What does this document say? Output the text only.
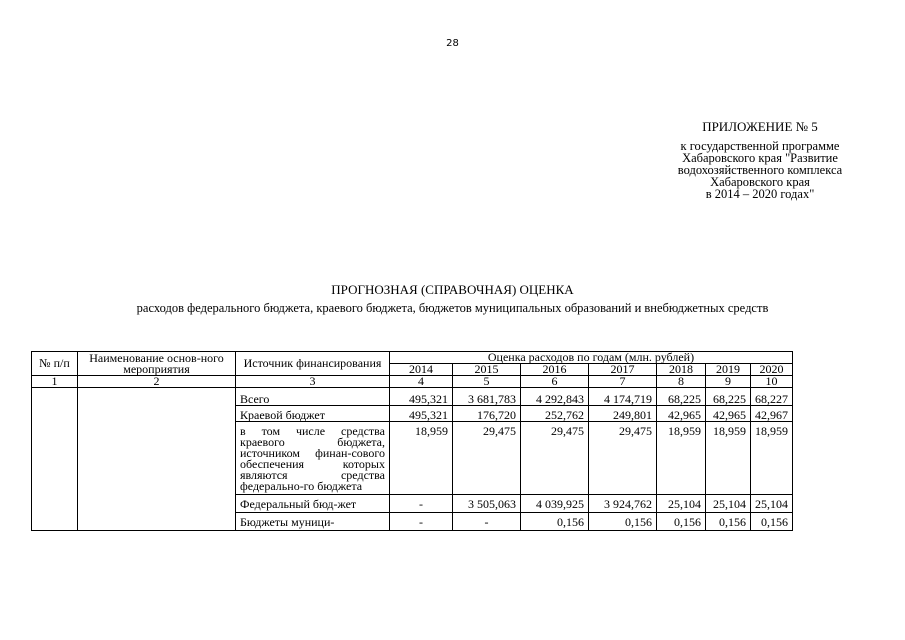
28
ПРИЛОЖЕНИЕ № 5
к государственной программе
Хабаровского края "Развитие
водохозяйственного комплекса
Хабаровского края
в 2014 – 2020 годах"
ПРОГНОЗНАЯ (СПРАВОЧНАЯ) ОЦЕНКА
расходов федерального бюджета, краевого бюджета, бюджетов муниципальных образований и внебюджетных средств
№ п/п	Наименование основ-ного мероприятия	Источник финансирования	Оценка расходов по годам (млн. рублей)						
			2014	2015	2016	2017	2018	2019	2020
1	2	3	4	5	6	7	8	9	10
		Всего	495,321	3 681,783	4 292,843	4 174,719	68,225	68,225	68,227
		Краевой бюджет	495,321	176,720	252,762	249,801	42,965	42,965	42,967
		в том числе средства краевого бюджета, источником финан-сового обеспечения которых являются средства федерально-го бюджета	18,959	29,475	29,475	29,475	18,959	18,959	18,959
		Федеральный бюд-жет	-	3 505,063	4 039,925	3 924,762	25,104	25,104	25,104
		Бюджеты муници-	-	-	0,156	0,156	0,156	0,156	0,156
